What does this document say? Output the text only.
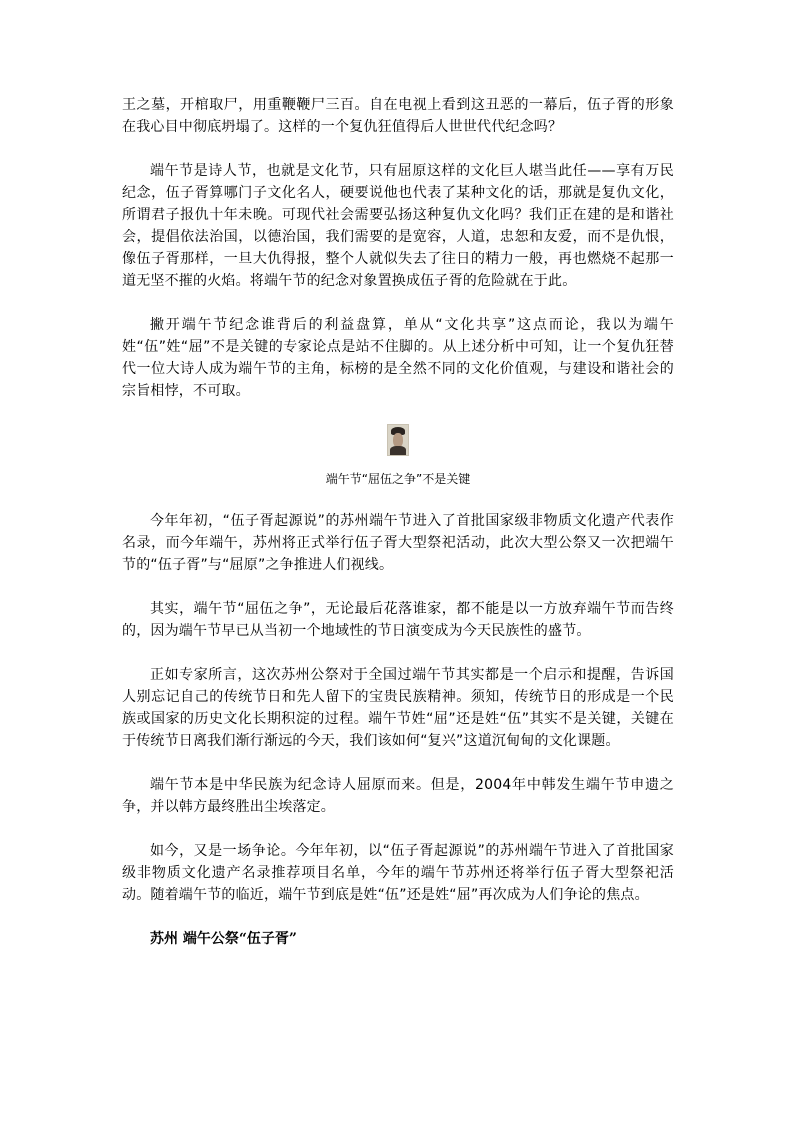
王之墓，开棺取尸，用重鞭鞭尸三百。自在电视上看到这丑恶的一幕后，伍子胥的形象在我心目中彻底坍塌了。这样的一个复仇狂值得后人世世代代纪念吗？

端午节是诗人节，也就是文化节，只有屈原这样的文化巨人堪当此任——享有万民纪念，伍子胥算哪门子文化名人，硬要说他也代表了某种文化的话，那就是复仇文化，所谓君子报仇十年未晚。可现代社会需要弘扬这种复仇文化吗？我们正在建的是和谐社会，提倡依法治国，以德治国，我们需要的是宽容，人道，忠恕和友爱，而不是仇恨，像伍子胥那样，一旦大仇得报，整个人就似失去了往日的精力一般，再也燃烧不起那一道无坚不摧的火焰。将端午节的纪念对象置换成伍子胥的危险就在于此。

撇开端午节纪念谁背后的利益盘算，单从“文化共享”这点而论，我以为端午姓“伍”姓“屈”不是关键的专家论点是站不住脚的。从上述分析中可知，让一个复仇狂替代一位大诗人成为端午节的主角，标榜的是全然不同的文化价值观，与建设和谐社会的宗旨相悖，不可取。

端午节“屈伍之争”不是关键

今年年初，“伍子胥起源说”的苏州端午节进入了首批国家级非物质文化遗产代表作名录，而今年端午，苏州将正式举行伍子胥大型祭祀活动，此次大型公祭又一次把端午节的“伍子胥”与“屈原”之争推进人们视线。

其实，端午节“屈伍之争”，无论最后花落谁家，都不能是以一方放弃端午节而告终的，因为端午节早已从当初一个地域性的节日演变成为今天民族性的盛节。

正如专家所言，这次苏州公祭对于全国过端午节其实都是一个启示和提醒，告诉国人别忘记自己的传统节日和先人留下的宝贵民族精神。须知，传统节日的形成是一个民族或国家的历史文化长期积淀的过程。端午节姓“屈”还是姓“伍”其实不是关键，关键在于传统节日离我们渐行渐远的今天，我们该如何“复兴”这道沉甸甸的文化课题。

端午节本是中华民族为纪念诗人屈原而来。但是，2004年中韩发生端午节申遗之争，并以韩方最终胜出尘埃落定。

如今，又是一场争论。今年年初，以“伍子胥起源说”的苏州端午节进入了首批国家级非物质文化遗产名录推荐项目名单，今年的端午节苏州还将举行伍子胥大型祭祀活动。随着端午节的临近，端午节到底是姓“伍”还是姓“屈”再次成为人们争论的焦点。

苏州 端午公祭“伍子胥”
